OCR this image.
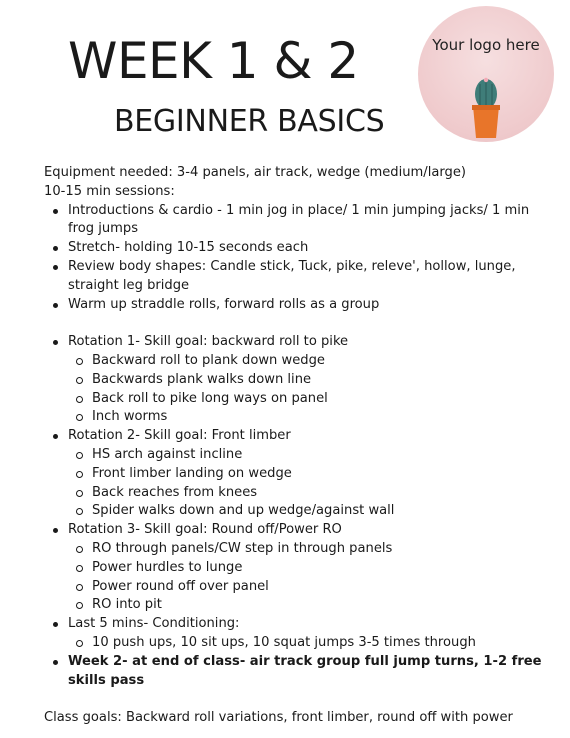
WEEK 1 & 2
BEGINNER BASICS
Your logo here

Equipment needed: 3-4 panels, air track, wedge (medium/large)

10-15 min sessions:

Introductions & cardio - 1 min jog in place/ 1 min jumping jacks/ 1 min frog jumps
Stretch- holding 10-15 seconds each
Review body shapes: Candle stick, Tuck, pike, releve', hollow, lunge, straight leg bridge
Warm up straddle rolls, forward rolls as a group
Rotation 1- Skill goal: backward roll to pike
Backward roll to plank down wedge
Backwards plank walks down line
Back roll to pike long ways on panel
Inch worms
Rotation 2- Skill goal: Front limber
HS arch against incline
Front limber landing on wedge
Back reaches from knees
Spider walks down and up wedge/against wall
Rotation 3- Skill goal: Round off/Power RO
RO through panels/CW step in through panels
Power hurdles to lunge
Power round off over panel
RO into pit
Last 5 mins- Conditioning:
10 push ups, 10 sit ups, 10 squat jumps 3-5 times through
Week 2- at end of class- air track group full jump turns, 1-2 free skills pass

Class goals: Backward roll variations, front limber, round off with power
